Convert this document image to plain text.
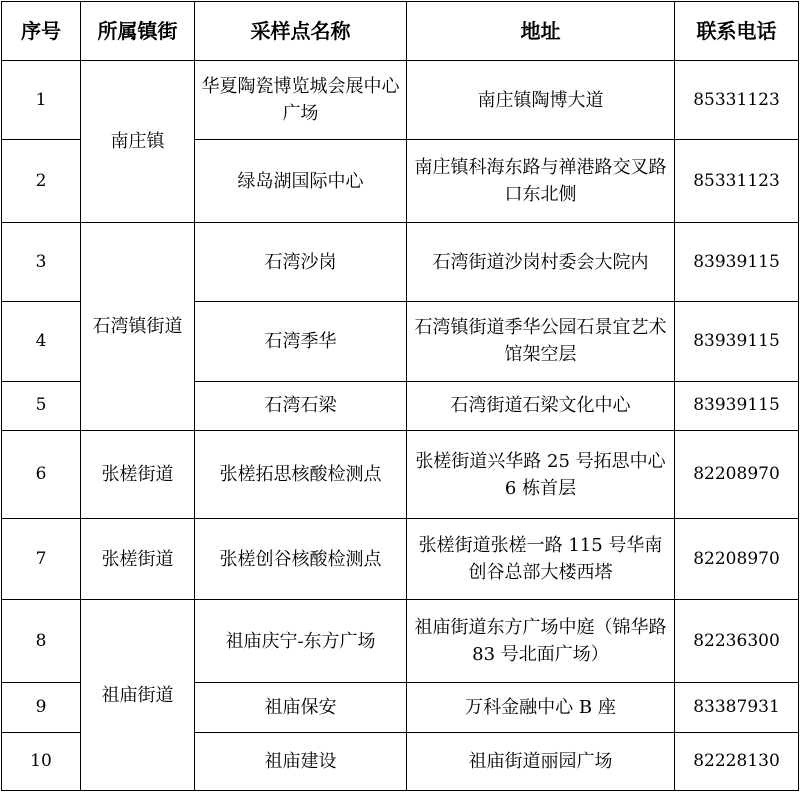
序号	所属镇街	采样点名称	地址	联系电话
1	南庄镇	华夏陶瓷博览城会展中心广场	南庄镇陶博大道	85331123
2		绿岛湖国际中心	南庄镇科海东路与禅港路交叉路口东北侧	85331123
3	石湾镇街道	石湾沙岗	石湾街道沙岗村委会大院内	83939115
4		石湾季华	石湾镇街道季华公园石景宜艺术馆架空层	83939115
5		石湾石梁	石湾街道石梁文化中心	83939115
6	张槎街道	张槎拓思核酸检测点	张槎街道兴华路 25 号拓思中心 6 栋首层	82208970
7	张槎街道	张槎创谷核酸检测点	张槎街道张槎一路 115 号华南创谷总部大楼西塔	82208970
8	祖庙街道	祖庙庆宁-东方广场	祖庙街道东方广场中庭（锦华路 83 号北面广场）	82236300
9		祖庙保安	万科金融中心 B 座	83387931
10		祖庙建设	祖庙街道丽园广场	82228130
